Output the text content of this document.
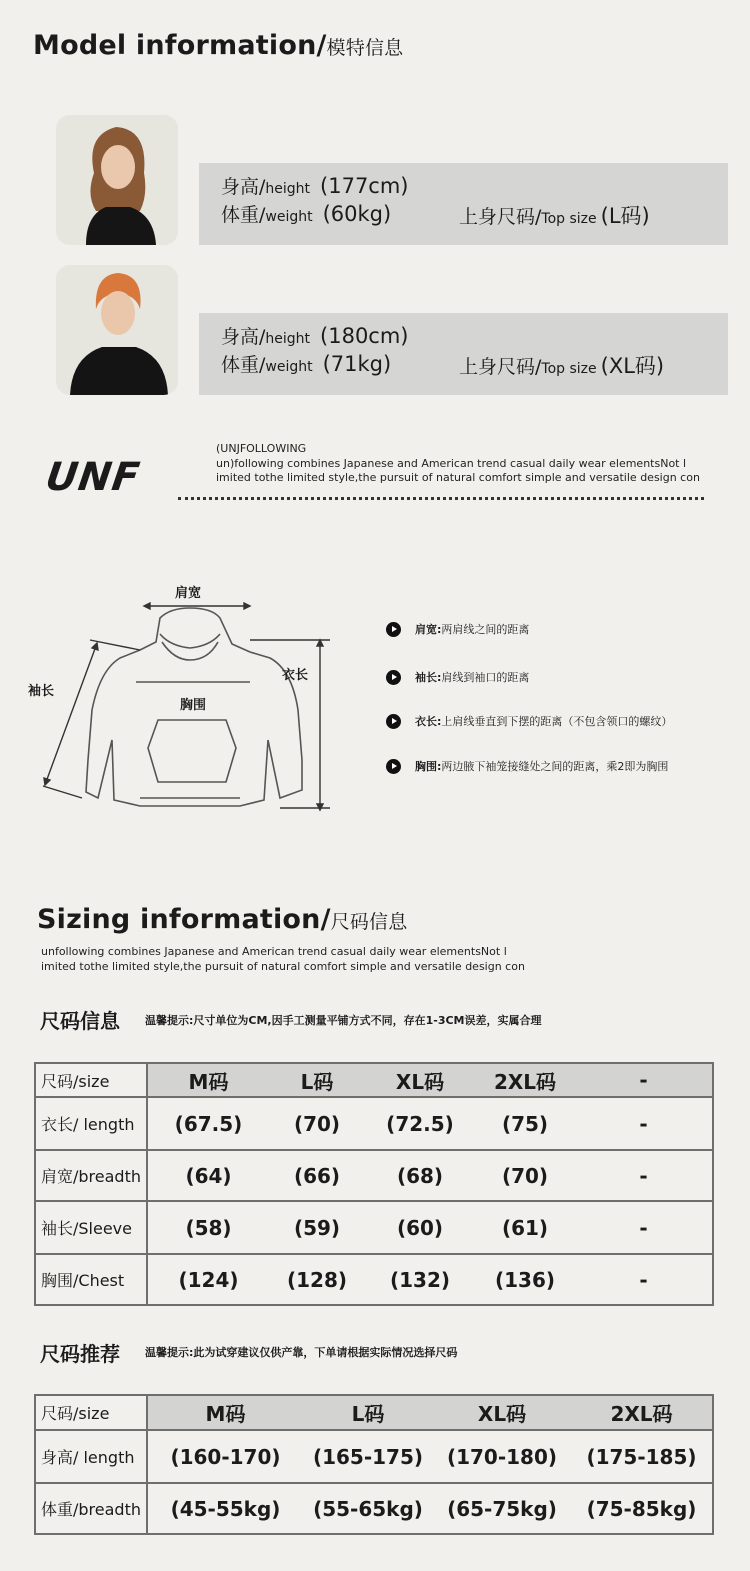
Model information/模特信息
身高/height (177cm)
体重/weight (60kg)	上身尺码/Top size (L码)
身高/height (180cm)
体重/weight (71kg)	上身尺码/Top size (XL码)
UNF
(UNJFOLLOWING
un)following combines Japanese and American trend casual daily wear elementsNot l
imited tothe limited style,the pursuit of natural comfort simple and versatile design con
肩宽
衣长
袖长
胸围
肩宽: 两肩线之间的距离
袖长: 肩线到袖口的距离
衣长: 上肩线垂直到下摆的距离（不包含领口的螺纹）
胸围: 两边腋下袖笼接缝处之间的距离，乘2即为胸围
Sizing information/尺码信息
unfollowing combines Japanese and American trend casual daily wear elementsNot l
imited tothe limited style,the pursuit of natural comfort simple and versatile design con
尺码信息 温馨提示:尺寸单位为CM,因手工测量平铺方式不同，存在1-3CM误差，实属合理
尺码/size	M码	L码	XL码	2XL码	-
衣长/ length	(67.5)	(70)	(72.5)	(75)	-
肩宽/breadth	(64)	(66)	(68)	(70)	-
袖长/Sleeve	(58)	(59)	(60)	(61)	-
胸围/Chest	(124)	(128)	(132)	(136)	-
尺码推荐 温馨提示:此为试穿建议仅供产靠，下单请根据实际情况选择尺码
尺码/size	M码	L码	XL码	2XL码
身高/ length	(160-170)	(165-175)	(170-180)	(175-185)
体重/breadth	(45-55kg)	(55-65kg)	(65-75kg)	(75-85kg)
